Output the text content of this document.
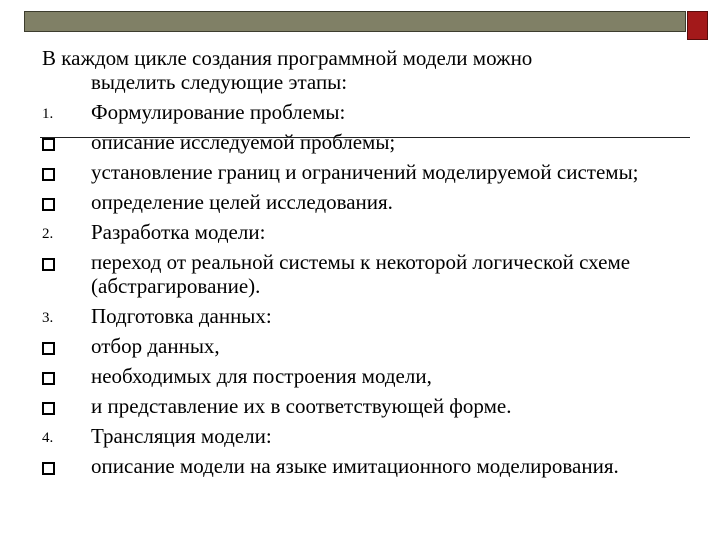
В каждом цикле создания программной модели можно
выделить следующие этапы:
1. Формулирование проблемы:
описание исследуемой проблемы;
установление границ и ограничений моделируемой системы;
определение целей исследования.
2. Разработка модели:
переход от реальной системы к некоторой логической схеме (абстрагирование).
3. Подготовка данных:
отбор данных,
необходимых для построения модели,
и представление их в соответствующей форме.
4. Трансляция модели:
описание модели на языке имитационного моделирования.
